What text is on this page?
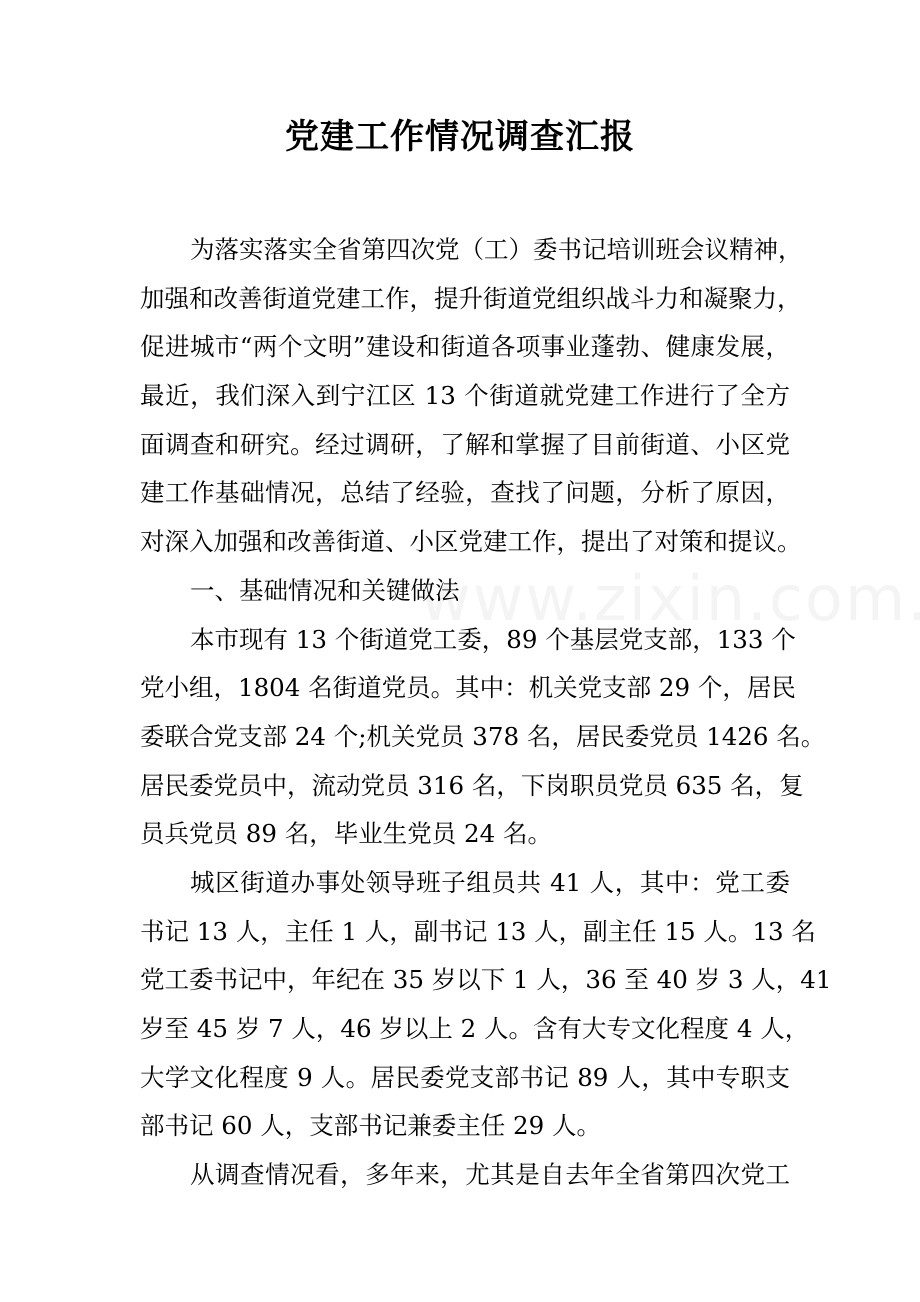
党建工作情况调查汇报
为落实落实全省第四次党（工）委书记培训班会议精神，
加强和改善街道党建工作，提升街道党组织战斗力和凝聚力，
促进城市“两个文明”建设和街道各项事业蓬勃、健康发展，
最近，我们深入到宁江区 13 个街道就党建工作进行了全方
面调查和研究。经过调研，了解和掌握了目前街道、小区党
建工作基础情况，总结了经验，查找了问题，分析了原因，
对深入加强和改善街道、小区党建工作，提出了对策和提议。
一、基础情况和关键做法
本市现有 13 个街道党工委，89 个基层党支部，133 个
党小组，1804 名街道党员。其中：机关党支部 29 个，居民
委联合党支部 24 个;机关党员 378 名，居民委党员 1426 名。
居民委党员中，流动党员 316 名，下岗职员党员 635 名，复
员兵党员 89 名，毕业生党员 24 名。
城区街道办事处领导班子组员共 41 人，其中：党工委
书记 13 人，主任 1 人，副书记 13 人，副主任 15 人。13 名
党工委书记中，年纪在 35 岁以下 1 人，36 至 40 岁 3 人，41
岁至 45 岁 7 人，46 岁以上 2 人。含有大专文化程度 4 人，
大学文化程度 9 人。居民委党支部书记 89 人，其中专职支
部书记 60 人，支部书记兼委主任 29 人。
从调查情况看，多年来，尤其是自去年全省第四次党工
